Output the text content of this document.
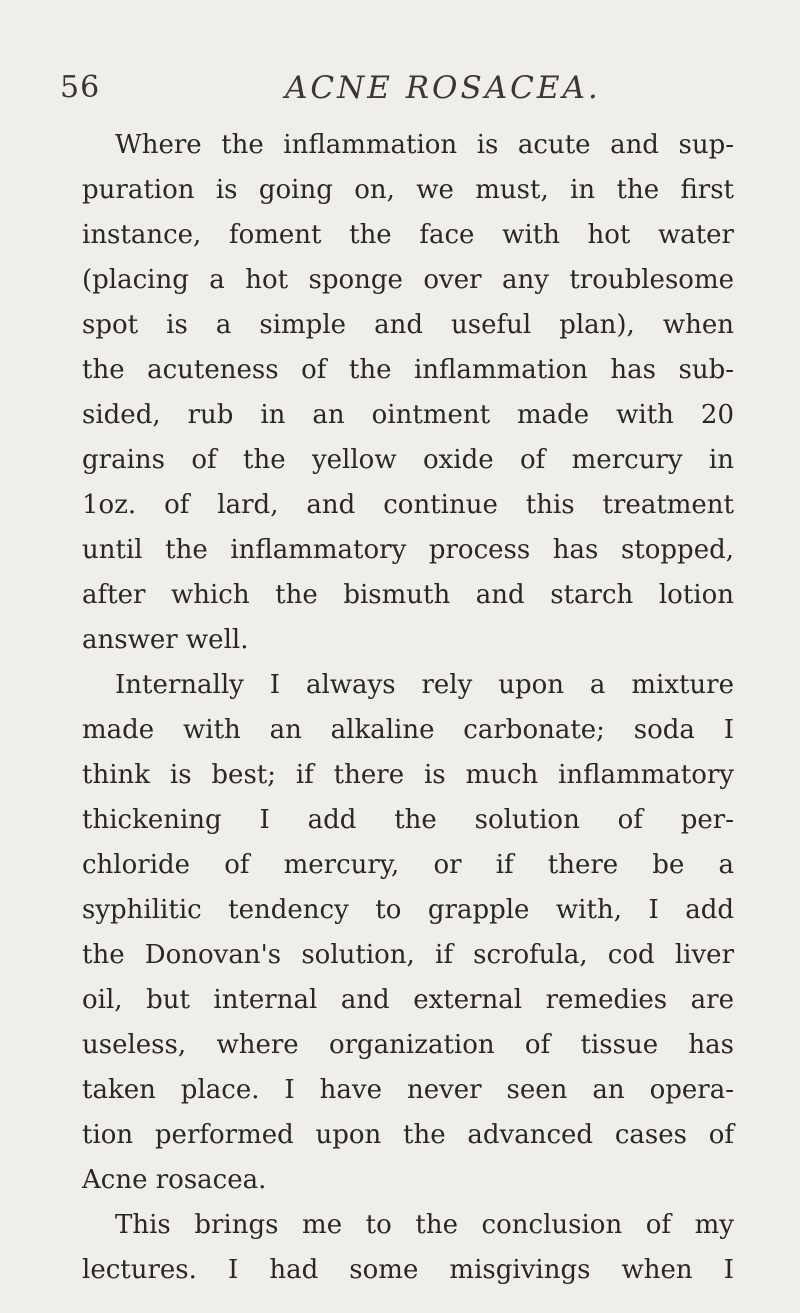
56	ACNE ROSACEA.
Where the inflammation is acute and sup-
puration is going on, we must, in the first
instance, foment the face with hot water
(placing a hot sponge over any troublesome
spot is a simple and useful plan), when
the acuteness of the inflammation has sub-
sided, rub in an ointment made with 20
grains of the yellow oxide of mercury in
1oz. of lard, and continue this treatment
until the inflammatory process has stopped,
after which the bismuth and starch lotion
answer well.
Internally I always rely upon a mixture
made with an alkaline carbonate; soda I
think is best; if there is much inflammatory
thickening I add the solution of per-
chloride of mercury, or if there be a
syphilitic tendency to grapple with, I add
the Donovan's solution, if scrofula, cod liver
oil, but internal and external remedies are
useless, where organization of tissue has
taken place. I have never seen an opera-
tion performed upon the advanced cases of
Acne rosacea.
This brings me to the conclusion of my
lectures. I had some misgivings when I
